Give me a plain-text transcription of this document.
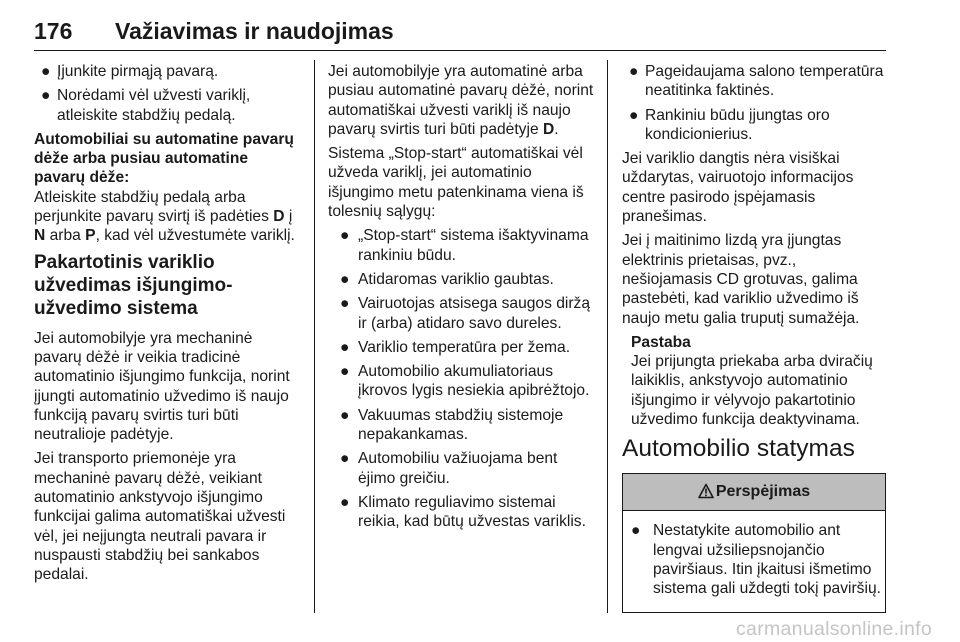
176 Važiavimas ir naudojimas
● Įjunkite pirmąją pavarą.
● Norėdami vėl užvesti variklį, atleiskite stabdžių pedalą.

Automobiliai su automatine pavarų dėže arba pusiau automatine pavarų dėže:

Atleiskite stabdžių pedalą arba perjunkite pavarų svirtį iš padėties D į N arba P, kad vėl užvestumėte variklį.

Pakartotinis variklio užvedimas išjungimo-užvedimo sistema

Jei automobilyje yra mechaninė pavarų dėžė ir veikia tradicinė automatinio išjungimo funkcija, norint įjungti automatinio užvedimo iš naujo funkciją pavarų svirtis turi būti neutralioje padėtyje.

Jei transporto priemonėje yra mechaninė pavarų dėžė, veikiant automatinio ankstyvojo išjungimo funkcijai galima automatiškai užvesti vėl, jei neįjungta neutrali pavara ir nuspausti stabdžių bei sankabos pedalai.

Jei automobilyje yra automatinė arba pusiau automatinė pavarų dėžė, norint automatiškai užvesti variklį iš naujo pavarų svirtis turi būti padėtyje D.

Sistema „Stop-start“ automatiškai vėl užveda variklį, jei automatinio išjungimo metu patenkinama viena iš tolesnių sąlygų:

● „Stop-start“ sistema išaktyvinama rankiniu būdu.
● Atidaromas variklio gaubtas.
● Vairuotojas atsisega saugos diržą ir (arba) atidaro savo dureles.
● Variklio temperatūra per žema.
● Automobilio akumuliatoriaus įkrovos lygis nesiekia apibrėžtojo.
● Vakuumas stabdžių sistemoje nepakankamas.
● Automobiliu važiuojama bent ėjimo greičiu.
● Klimato reguliavimo sistemai reikia, kad būtų užvestas variklis.
● Pageidaujama salono temperatūra neatitinka faktinės.
● Rankiniu būdu įjungtas oro kondicionierius.

Jei variklio dangtis nėra visiškai uždarytas, vairuotojo informacijos centre pasirodo įspėjamasis pranešimas.

Jei į maitinimo lizdą yra įjungtas elektrinis prietaisas, pvz., nešiojamasis CD grotuvas, galima pastebėti, kad variklio užvedimo iš naujo metu galia truputį sumažėja.

Pastaba
Jei prijungta priekaba arba dviračių laikiklis, ankstyvojo automatinio išjungimo ir vėlyvojo pakartotinio užvedimo funkcija deaktyvinama.
Automobilio statymas
Perspėjimas
● Nestatykite automobilio ant lengvai užsiliepsnojančio paviršiaus. Itin įkaitusi išmetimo sistema gali uždegti tokį paviršių.
carmanualsonline.info
